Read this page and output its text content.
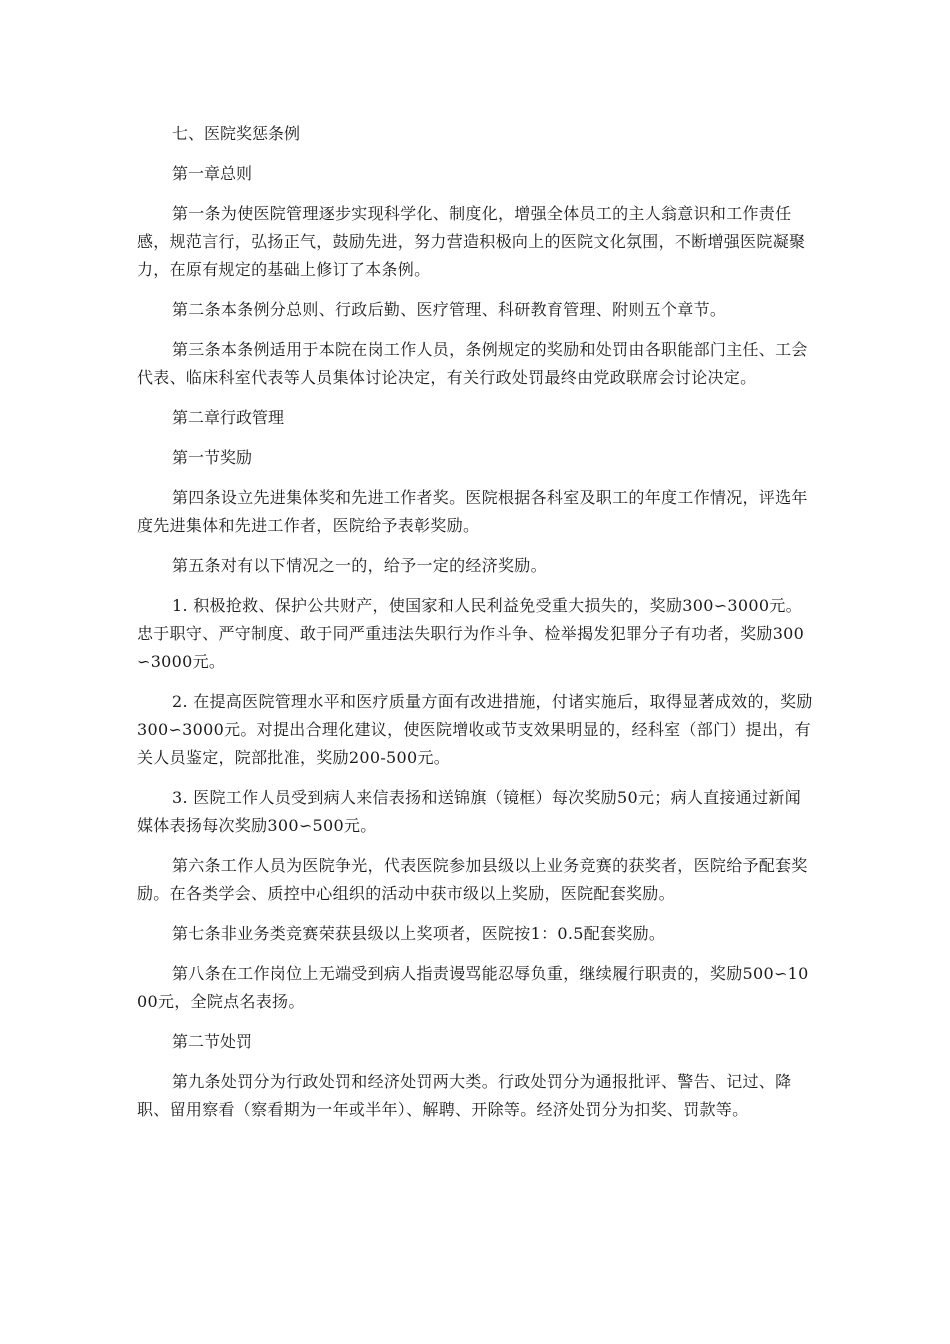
七、医院奖惩条例

第一章总则

第一条为使医院管理逐步实现科学化、制度化，增强全体员工的主人翁意识和工作责任感，规范言行，弘扬正气，鼓励先进，努力营造积极向上的医院文化氛围，不断增强医院凝聚力，在原有规定的基础上修订了本条例。

第二条本条例分总则、行政后勤、医疗管理、科研教育管理、附则五个章节。

第三条本条例适用于本院在岗工作人员，条例规定的奖励和处罚由各职能部门主任、工会代表、临床科室代表等人员集体讨论决定，有关行政处罚最终由党政联席会讨论决定。

第二章行政管理

第一节奖励

第四条设立先进集体奖和先进工作者奖。医院根据各科室及职工的年度工作情况，评选年度先进集体和先进工作者，医院给予表彰奖励。

第五条对有以下情况之一的，给予一定的经济奖励。

1. 积极抢救、保护公共财产，使国家和人民利益免受重大损失的，奖励300∽3000元。忠于职守、严守制度、敢于同严重违法失职行为作斗争、检举揭发犯罪分子有功者，奖励300∽3000元。

2. 在提高医院管理水平和医疗质量方面有改进措施，付诸实施后，取得显著成效的，奖励300∽3000元。对提出合理化建议，使医院增收或节支效果明显的，经科室（部门）提出，有关人员鉴定，院部批准，奖励200-500元。

3. 医院工作人员受到病人来信表扬和送锦旗（镜框）每次奖励50元；病人直接通过新闻媒体表扬每次奖励300∽500元。

第六条工作人员为医院争光，代表医院参加县级以上业务竞赛的获奖者，医院给予配套奖励。在各类学会、质控中心组织的活动中获市级以上奖励，医院配套奖励。

第七条非业务类竞赛荣获县级以上奖项者，医院按1：0.5配套奖励。

第八条在工作岗位上无端受到病人指责谩骂能忍辱负重，继续履行职责的，奖励500∽1000元，全院点名表扬。

第二节处罚

第九条处罚分为行政处罚和经济处罚两大类。行政处罚分为通报批评、警告、记过、降职、留用察看（察看期为一年或半年）、解聘、开除等。经济处罚分为扣奖、罚款等。
